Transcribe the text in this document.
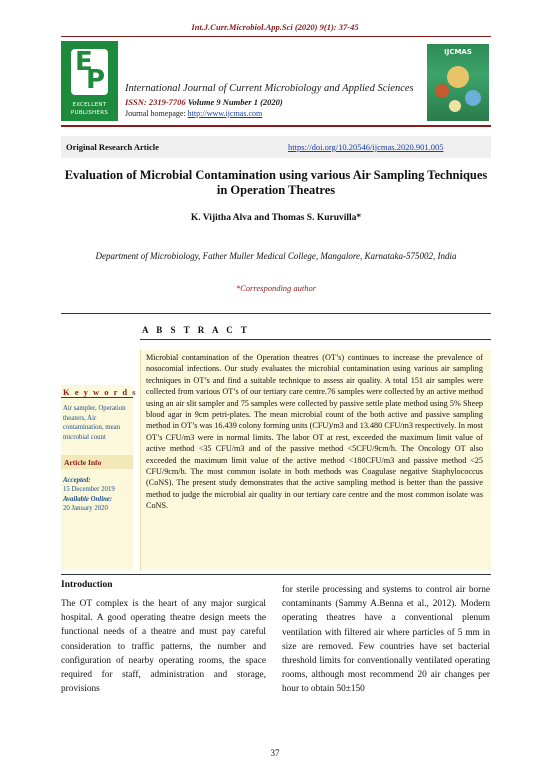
Int.J.Curr.Microbiol.App.Sci (2020) 9(1): 37-45
E
P
EXCELLENT
PUBLISHERS
International Journal of Current Microbiology and Applied Sciences
ISSN: 2319-7706 Volume 9 Number 1 (2020)
Journal homepage: http://www.ijcmas.com
IJCMAS
Original Research Article	https://doi.org/10.20546/ijcmas.2020.901.005
Evaluation of Microbial Contamination using various Air Sampling Techniques in Operation Theatres
K. Vijitha Alva and Thomas S. Kuruvilla*
Department of Microbiology, Father Muller Medical College, Mangalore, Karnataka-575002, India
*Corresponding author
A B S T R A C T
Microbial contamination of the Operation theatres (OT’s) continues to increase the prevalence of nosocomial infections. Our study evaluates the microbial contamination using various air sampling techniques in OT’s and find a suitable technique to assess air quality. A total 151 air samples were collected from various OT’s of our tertiary care centre.76 samples were collected by an active method using an air slit sampler and 75 samples were collected by passive settle plate method using 5% Sheep blood agar in 9cm petri-plates. The mean microbial count of the both active and passive sampling method in OT’s was 16.439 colony forming units (CFU)/m3 and 13.480 CFU/m3 respectively. In most OT’s CFU/m3 were in normal limits. The labor OT at rest, exceeded the maximum limit value of active method <35 CFU/m3 and of the passive method <5CFU/9cm/h. The Oncology OT also exceeded the maximum limit value of the active method <180CFU/m3 and passive method <25 CFU/9cm/h. The most common isolate in both methods was Coagulase negative Staphylococcus (CoNS). The present study demonstrates that the active sampling method is better than the passive method to judge the microbial air quality in our tertiary care centre and the most common isolate was CoNS.
K e y w o r d s
Air sampler, Operation theaters, Air contamination, mean microbial count
Article Info
Accepted:
15 December 2019
Available Online:
20 January 2020
Introduction
The OT complex is the heart of any major surgical hospital. A good operating theatre design meets the functional needs of a theatre and must pay careful consideration to traffic patterns, the number and configuration of nearby operating rooms, the space required for staff, administration and storage, provisions
for sterile processing and systems to control air borne contaminants (Sammy A.Benna et al., 2012). Modern operating theatres have a conventional plenum ventilation with filtered air where particles of 5 mm in size are removed. Few countries have set bacterial threshold limits for conventionally ventilated operating rooms, although most recommend 20 air changes per hour to obtain 50±150
37
